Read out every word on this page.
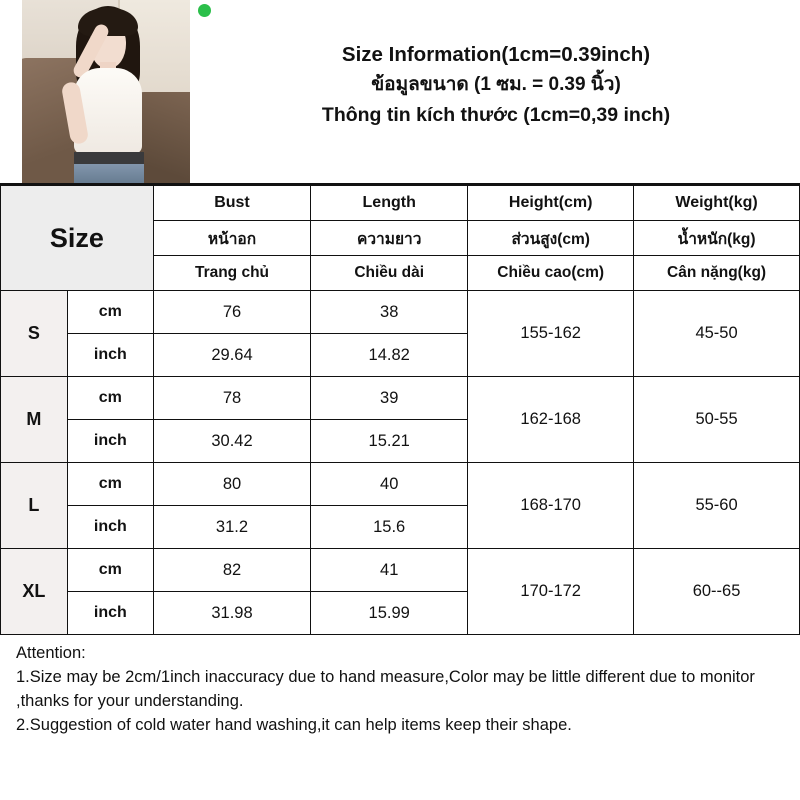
Size Information(1cm=0.39inch)
ข้อมูลขนาด (1 ซม. = 0.39 นิ้ว)
Thông tin kích thước (1cm=0,39 inch)
Size		Bust	Length	Height(cm)	Weight(kg)
		หน้าอก	ความยาว	ส่วนสูง(cm)	น้ำหนัก(kg)
		Trang chủ	Chiều dài	Chiều cao(cm)	Cân nặng(kg)
S	cm	76	38	155-162	45-50
	inch	29.64	14.82		
M	cm	78	39	162-168	50-55
	inch	30.42	15.21		
L	cm	80	40	168-170	55-60
	inch	31.2	15.6		
XL	cm	82	41	170-172	60--65
	inch	31.98	15.99		
Attention:
1.Size may be 2cm/1inch inaccuracy due to hand measure,Color may be little different due to monitor ,thanks for your understanding.
2.Suggestion of cold water hand washing,it can help items keep their shape.
